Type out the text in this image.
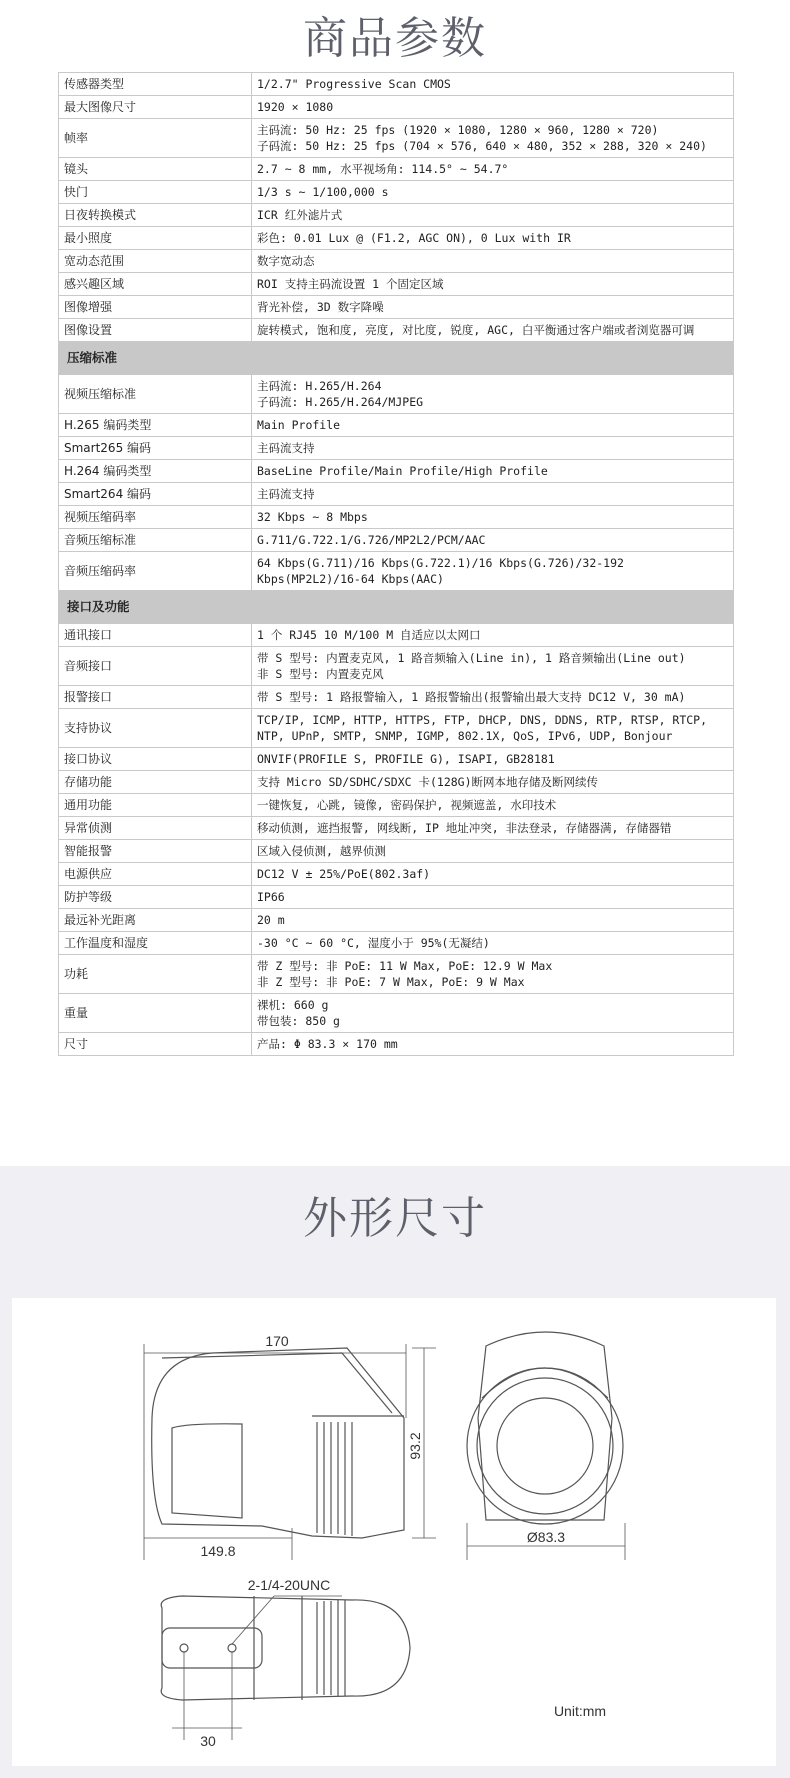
商品参数
传感器类型	1/2.7" Progressive Scan CMOS

最大图像尺寸	1920 × 1080

帧率	主码流: 50 Hz: 25 fps (1920 × 1080, 1280 × 960, 1280 × 720)
子码流: 50 Hz: 25 fps (704 × 576, 640 × 480, 352 × 288, 320 × 240)

镜头	2.7 ~ 8 mm, 水平视场角: 114.5° ~ 54.7°

快门	1/3 s ~ 1/100,000 s

日夜转换模式	ICR 红外滤片式

最小照度	彩色: 0.01 Lux @ (F1.2, AGC ON), 0 Lux with IR

宽动态范围	数字宽动态

感兴趣区域	ROI 支持主码流设置 1 个固定区域

图像增强	背光补偿, 3D 数字降噪

图像设置	旋转模式, 饱和度, 亮度, 对比度, 锐度, AGC, 白平衡通过客户端或者浏览器可调

压缩标准	
视频压缩标准	主码流: H.265/H.264
子码流: H.265/H.264/MJPEG

H.265 编码类型	Main Profile

Smart265 编码	主码流支持

H.264 编码类型	BaseLine Profile/Main Profile/High Profile

Smart264 编码	主码流支持

视频压缩码率	32 Kbps ~ 8 Mbps

音频压缩标准	G.711/G.722.1/G.726/MP2L2/PCM/AAC

音频压缩码率	64 Kbps(G.711)/16 Kbps(G.722.1)/16 Kbps(G.726)/32-192 Kbps(MP2L2)/16-64 Kbps(AAC)

接口及功能	
通讯接口	1 个 RJ45 10 M/100 M 自适应以太网口

音频接口	带 S 型号: 内置麦克风, 1 路音频输入(Line in), 1 路音频输出(Line out)
非 S 型号: 内置麦克风

报警接口	带 S 型号: 1 路报警输入, 1 路报警输出(报警输出最大支持 DC12 V, 30 mA)

支持协议	TCP/IP, ICMP, HTTP, HTTPS, FTP, DHCP, DNS, DDNS, RTP, RTSP, RTCP, NTP, UPnP, SMTP, SNMP, IGMP, 802.1X, QoS, IPv6, UDP, Bonjour

接口协议	ONVIF(PROFILE S, PROFILE G), ISAPI, GB28181

存储功能	支持 Micro SD/SDHC/SDXC 卡(128G)断网本地存储及断网续传

通用功能	一键恢复, 心跳, 镜像, 密码保护, 视频遮盖, 水印技术

异常侦测	移动侦测, 遮挡报警, 网线断, IP 地址冲突, 非法登录, 存储器满, 存储器错

智能报警	区域入侵侦测, 越界侦测

电源供应	DC12 V ± 25%/PoE(802.3af)

防护等级	IP66

最远补光距离	20 m

工作温度和湿度	-30 °C ~ 60 °C, 湿度小于 95%(无凝结)

功耗	带 Z 型号: 非 PoE: 11 W Max, PoE: 12.9 W Max
非 Z 型号: 非 PoE: 7 W Max, PoE: 9 W Max

重量	裸机: 660 g
带包装: 850 g

尺寸	产品: Φ 83.3 × 170 mm
外形尺寸
170
149.8
93.2
Ø83.3
2-1/4-20UNC
30
Unit:mm
